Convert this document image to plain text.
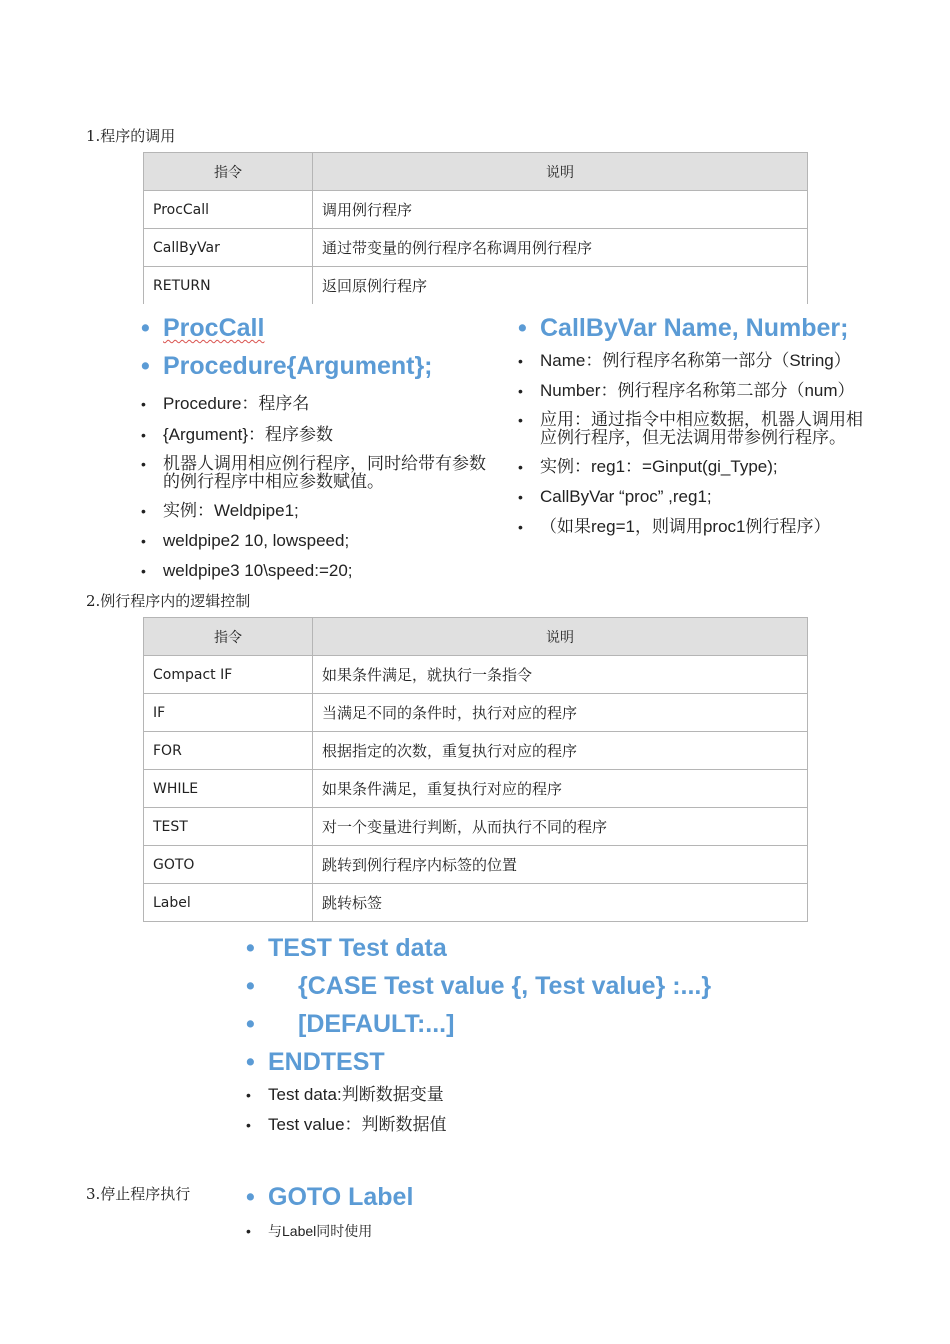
1.程序的调用
指令	说明
ProcCall	调用例行程序
CallByVar	通过带变量的例行程序名称调用例行程序
RETURN	返回原例行程序
• ProcCall
• Procedure{Argument};
• Procedure：程序名
• {Argument}：程序参数
• 机器人调用相应例行程序，同时给带有参数的例行程序中相应参数赋值。
• 实例：Weldpipe1;
• weldpipe2 10, lowspeed;
• weldpipe3 10\speed:=20;
• CallByVar Name, Number;
• Name：例行程序名称第一部分（String）
• Number：例行程序名称第二部分（num）
• 应用：通过指令中相应数据，机器人调用相应例行程序，但无法调用带参例行程序。
• 实例：reg1：=Ginput(gi_Type);
• CallByVar “proc” ,reg1;
• （如果reg=1，则调用proc1例行程序）
2.例行程序内的逻辑控制
指令	说明
Compact IF	如果条件满足，就执行一条指令
IF	当满足不同的条件时，执行对应的程序
FOR	根据指定的次数，重复执行对应的程序
WHILE	如果条件满足，重复执行对应的程序
TEST	对一个变量进行判断，从而执行不同的程序
GOTO	跳转到例行程序内标签的位置
Label	跳转标签
• TEST Test data
• {CASE Test value {, Test value} :...}
• [DEFAULT:...]
• ENDTEST
• Test data:判断数据变量
• Test value：判断数据值
3.停止程序执行	• GOTO Label
• 与Label同时使用
